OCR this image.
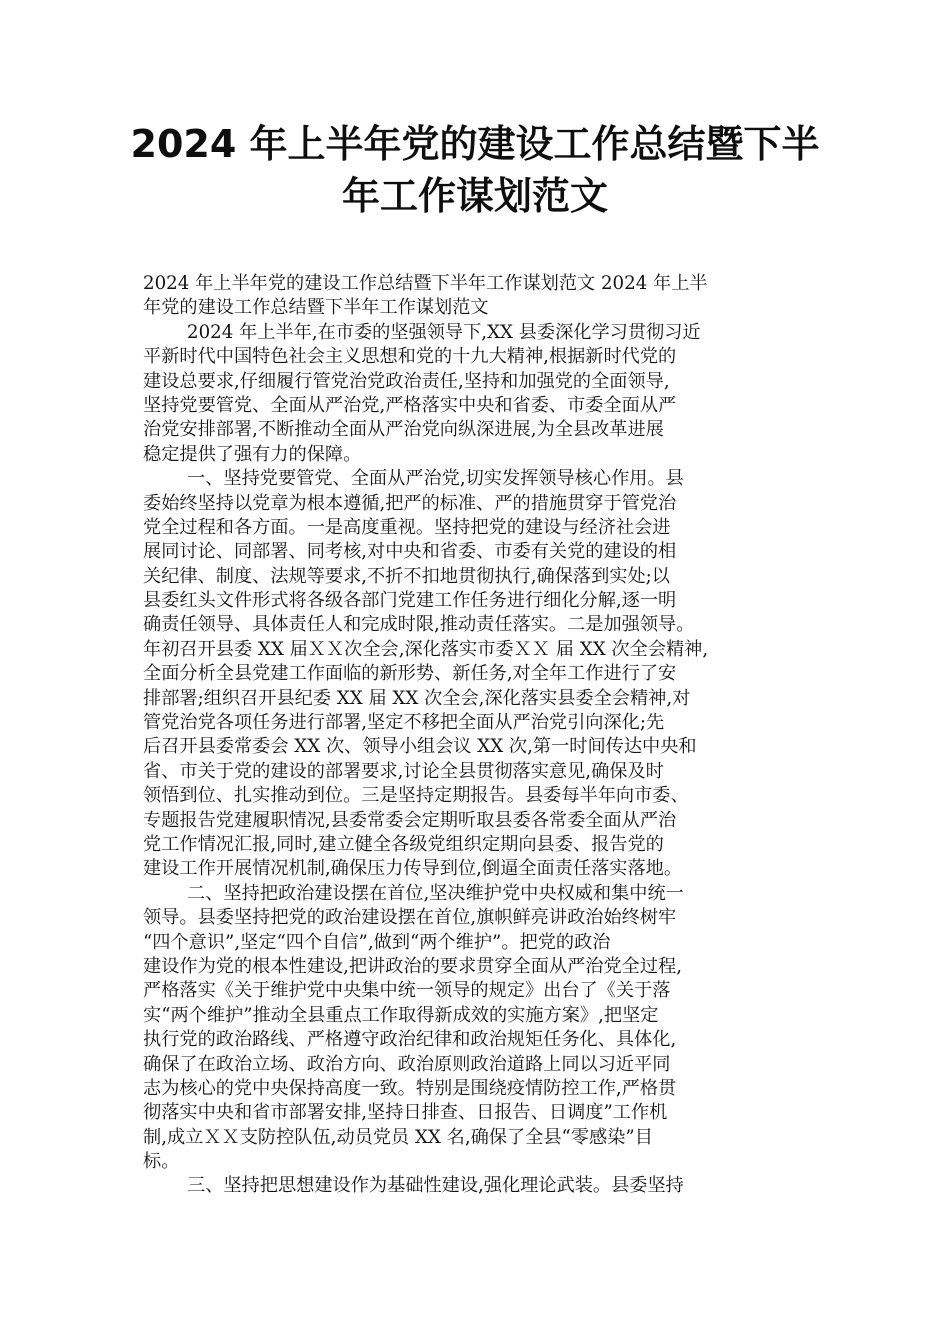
2024 年上半年党的建设工作总结暨下半
年工作谋划范文
2024 年上半年党的建设工作总结暨下半年工作谋划范文 2024 年上半
年党的建设工作总结暨下半年工作谋划范文
2024 年上半年,在市委的坚强领导下,XX 县委深化学习贯彻习近
平新时代中国特色社会主义思想和党的十九大精神,根据新时代党的
建设总要求,仔细履行管党治党政治责任,坚持和加强党的全面领导,
坚持党要管党、全面从严治党,严格落实中央和省委、市委全面从严
治党安排部署,不断推动全面从严治党向纵深进展,为全县改革进展
稳定提供了强有力的保障。
一、坚持党要管党、全面从严治党,切实发挥领导核心作用。县
委始终坚持以党章为根本遵循,把严的标准、严的措施贯穿于管党治
党全过程和各方面。一是高度重视。坚持把党的建设与经济社会进
展同讨论、同部署、同考核,对中央和省委、市委有关党的建设的相
关纪律、制度、法规等要求,不折不扣地贯彻执行,确保落到实处;以
县委红头文件形式将各级各部门党建工作任务进行细化分解,逐一明
确责任领导、具体责任人和完成时限,推动责任落实。二是加强领导。
年初召开县委 XX 届ＸＸ次全会,深化落实市委ＸＸ 届 XX 次全会精神,
全面分析全县党建工作面临的新形势、新任务,对全年工作进行了安
排部署;组织召开县纪委 XX 届 XX 次全会,深化落实县委全会精神,对
管党治党各项任务进行部署,坚定不移把全面从严治党引向深化;先
后召开县委常委会 XX 次、领导小组会议 XX 次,第一时间传达中央和
省、市关于党的建设的部署要求,讨论全县贯彻落实意见,确保及时
领悟到位、扎实推动到位。三是坚持定期报告。县委每半年向市委、
专题报告党建履职情况,县委常委会定期听取县委各常委全面从严治
党工作情况汇报,同时,建立健全各级党组织定期向县委、报告党的
建设工作开展情况机制,确保压力传导到位,倒逼全面责任落实落地。
二、坚持把政治建设摆在首位,坚决维护党中央权威和集中统一
领导。县委坚持把党的政治建设摆在首位,旗帜鲜亮讲政治始终树牢
“四个意识”,坚定“四个自信”,做到“两个维护”。把党的政治
建设作为党的根本性建设,把讲政治的要求贯穿全面从严治党全过程,
严格落实《关于维护党中央集中统一领导的规定》出台了《关于落
实“两个维护”推动全县重点工作取得新成效的实施方案》,把坚定
执行党的政治路线、严格遵守政治纪律和政治规矩任务化、具体化,
确保了在政治立场、政治方向、政治原则政治道路上同以习近平同
志为核心的党中央保持高度一致。特别是围绕疫情防控工作,严格贯
彻落实中央和省市部署安排,坚持日排查、日报告、日调度”工作机
制,成立ＸＸ支防控队伍,动员党员 XX 名,确保了全县“零感染”目
标。
三、坚持把思想建设作为基础性建设,强化理论武装。县委坚持
